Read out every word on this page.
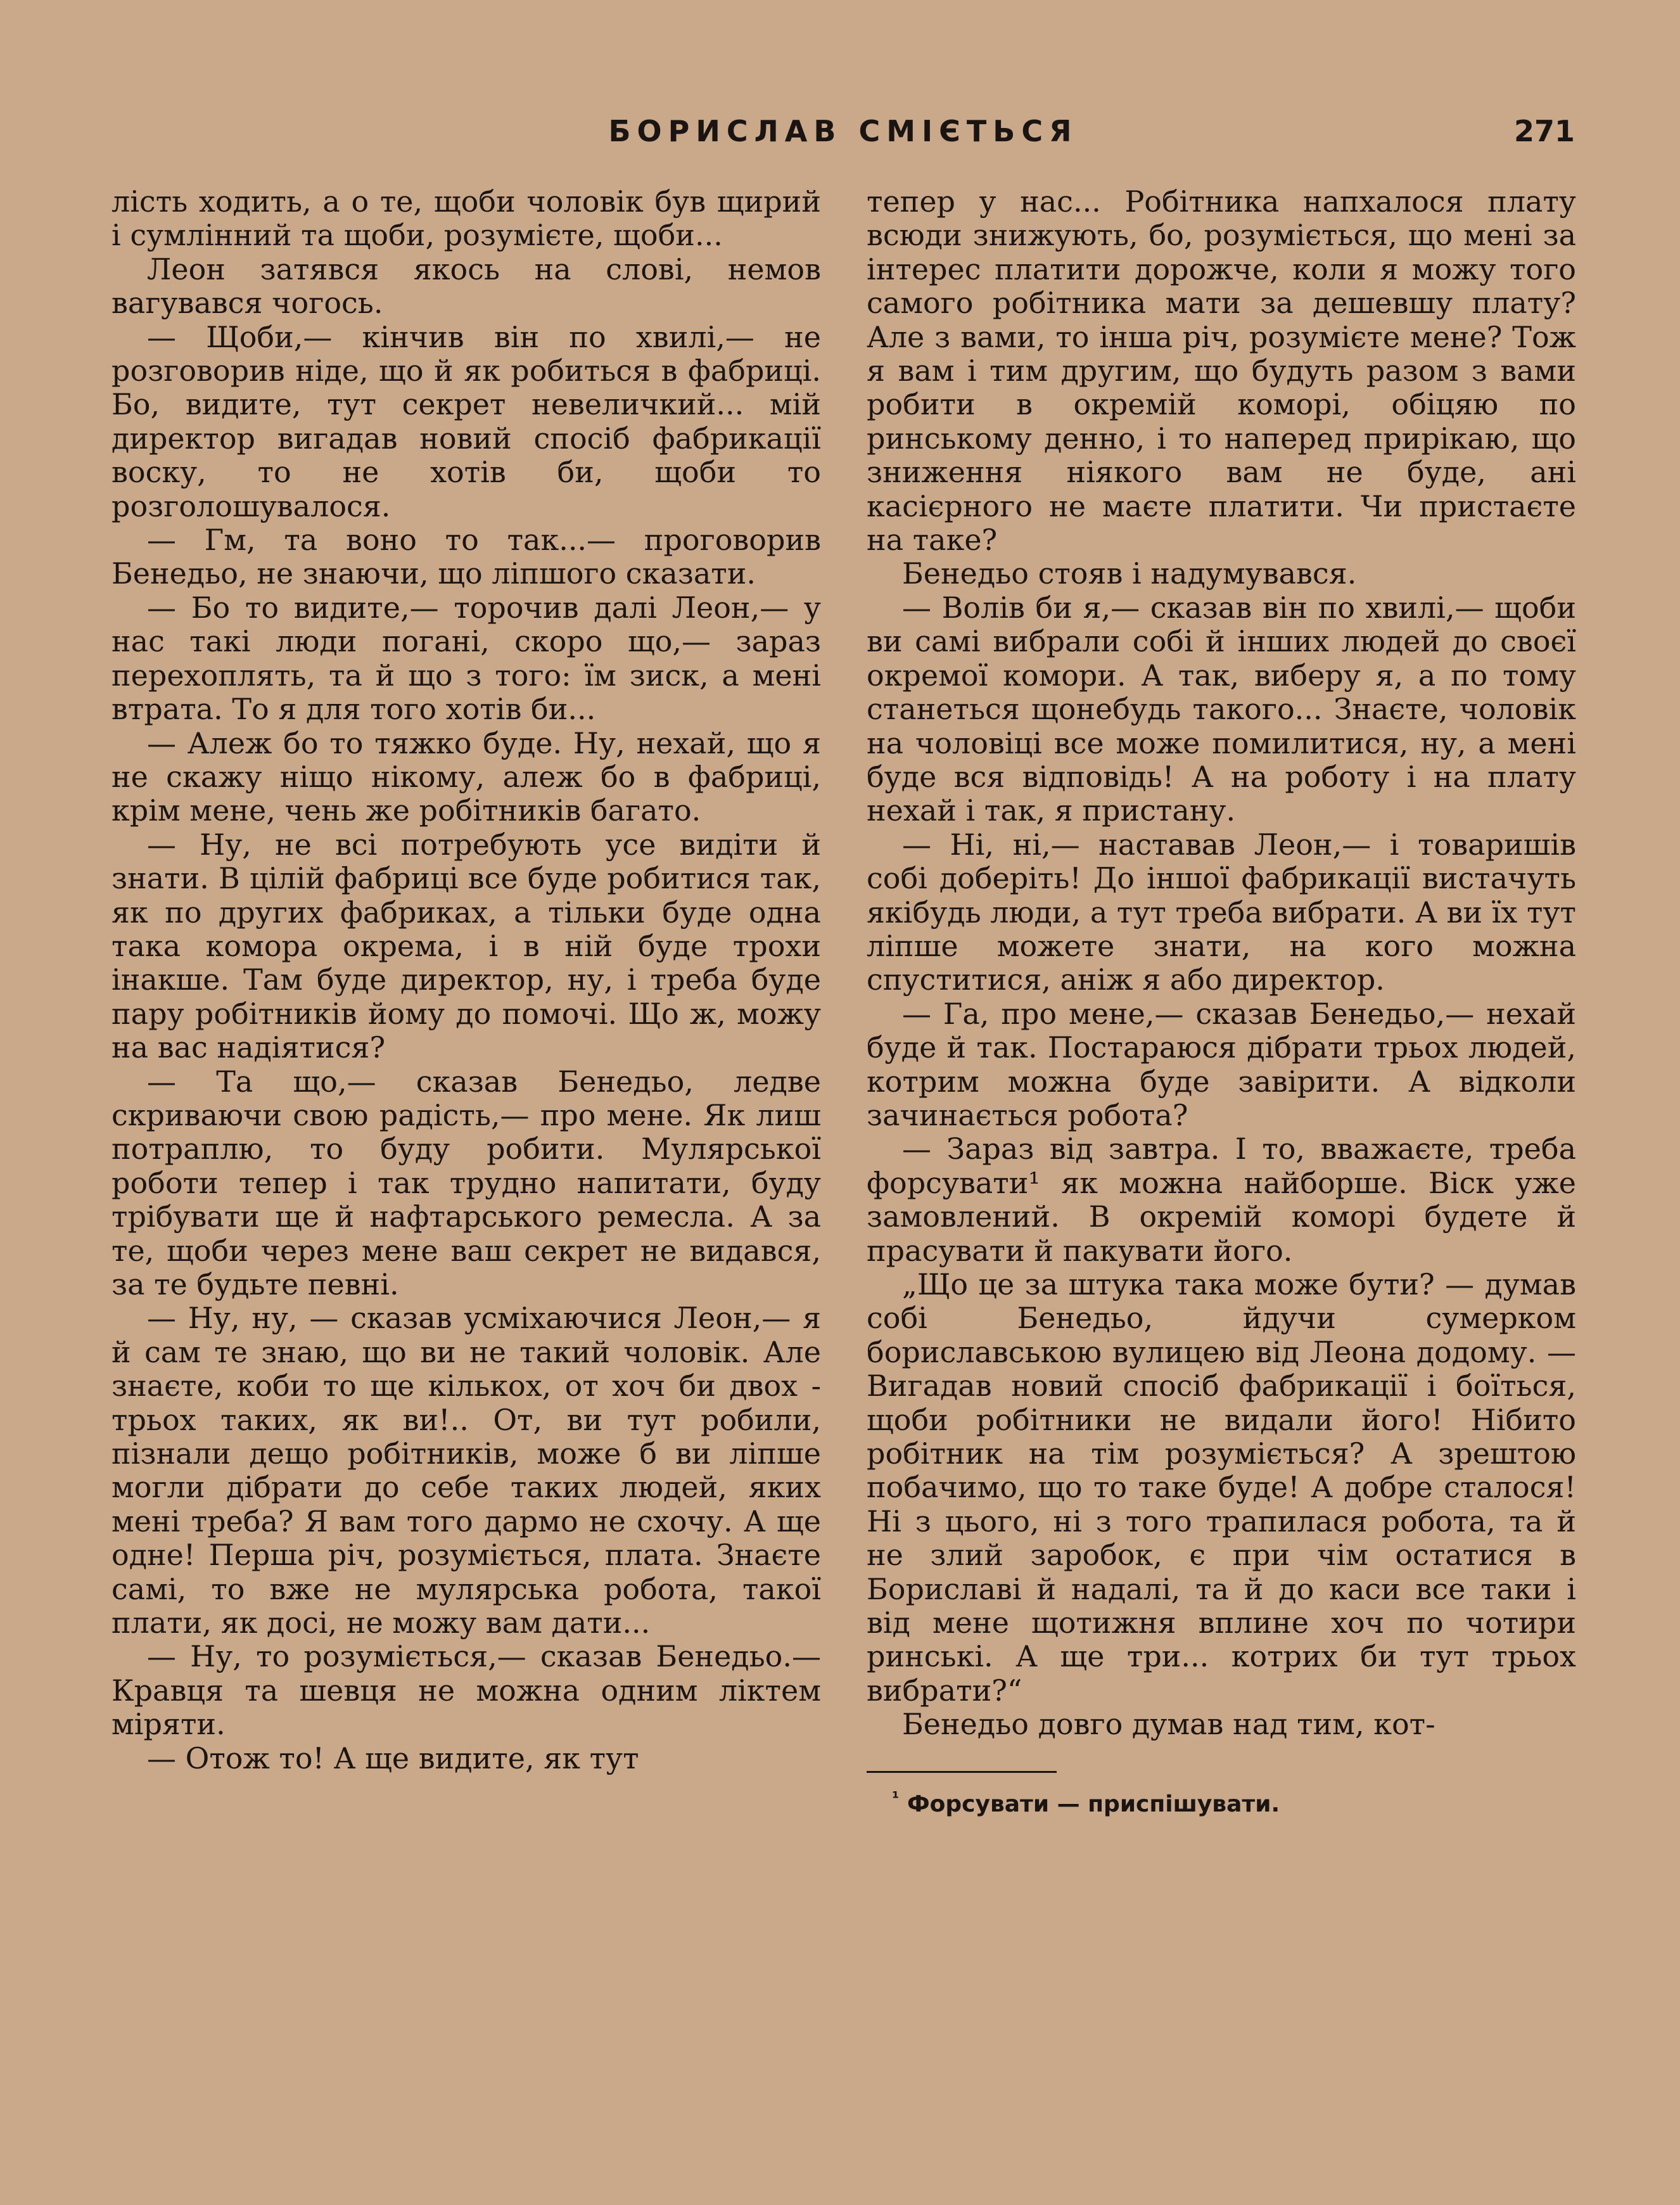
БОРИСЛАВ СМІЄТЬСЯ	271

лість ходить, а о те, щоби чоловік був щирий і сумлінний та щоби, розумієте, щоби...

Леон затявся якось на слові, немов вагувався чогось.

— Щоби,— кінчив він по хвилі,— не розговорив ніде, що й як робиться в фабриці. Бо, видите, тут секрет невеличкий... мій директор вигадав новий спосіб фабрикації воску, то не хотів би, щоби то розголошувалося.

— Гм, та воно то так...— проговорив Бенедьо, не знаючи, що ліпшого сказати.

— Бо то видите,— торочив далі Леон,— у нас такі люди погані, скоро що,— зараз перехоплять, та й що з того: їм зиск, а мені втрата. То я для того хотів би...

— Алеж бо то тяжко буде. Ну, нехай, що я не скажу ніщо нікому, алеж бо в фабриці, крім мене, чень же робітників багато.

— Ну, не всі потребують усе видіти й знати. В цілій фабриці все буде робитися так, як по других фабриках, а тільки буде одна така комора окрема, і в ній буде трохи інакше. Там буде директор, ну, і треба буде пару робітників йому до помочі. Що ж, можу на вас надіятися?

— Та що,— сказав Бенедьо, ледве скриваючи свою радість,— про мене. Як лиш потраплю, то буду робити. Мулярської роботи тепер і так трудно напитати, буду трібувати ще й нафтарського ремесла. А за те, щоби через мене ваш секрет не видався, за те будьте певні.

— Ну, ну, — сказав усміхаючися Леон,— я й сам те знаю, що ви не такий чоловік. Але знаєте, коби то ще кількох, от хоч би двох - трьох таких, як ви!.. От, ви тут робили, пізнали дещо робітників, може б ви ліпше могли дібрати до себе таких людей, яких мені треба? Я вам того дармо не схочу. А ще одне! Перша річ, розуміється, плата. Знаєте самі, то вже не мулярська робота, такої плати, як досі, не можу вам дати...

— Ну, то розуміється,— сказав Бенедьо.— Кравця та шевця не можна одним ліктем міряти.

— Отож то! А ще видите, як тут

тепер у нас... Робітника напхалося плату всюди знижують, бо, розуміється, що мені за інтерес платити дорожче, коли я можу того самого робітника мати за дешевшу плату? Але з вами, то інша річ, розумієте мене? Тож я вам і тим другим, що будуть разом з вами робити в окремій коморі, обіцяю по ринському денно, і то наперед прирікаю, що зниження ніякого вам не буде, ані касієрного не маєте платити. Чи пристаєте на таке?

Бенедьо стояв і надумувався.

— Волів би я,— сказав він по хвилі,— щоби ви самі вибрали собі й інших людей до своєї окремої комори. А так, виберу я, а по тому станеться щонебудь такого... Знаєте, чоловік на чоловіці все може помилитися, ну, а мені буде вся відповідь! А на роботу і на плату нехай і так, я пристану.

— Ні, ні,— наставав Леон,— і товаришів собі доберіть! До іншої фабрикації вистачуть якібудь люди, а тут треба вибрати. А ви їх тут ліпше можете знати, на кого можна спуститися, аніж я або директор.

— Га, про мене,— сказав Бенедьо,— нехай буде й так. Постараюся дібрати трьох людей, котрим можна буде завірити. А відколи зачинається робота?

— Зараз від завтра. І то, вважаєте, треба форсувати¹ як можна найборше. Віск уже замовлений. В окремій коморі будете й прасувати й пакувати його.

„Що це за штука така може бути? — думав собі Бенедьо, йдучи сумерком бориславською вулицею від Леона додому. — Вигадав новий спосіб фабрикації і боїться, щоби робітники не видали його! Нібито робітник на тім розуміється? А зрештою побачимо, що то таке буде! А добре сталося! Ні з цього, ні з того трапилася робота, та й не злий заробок, є при чім остатися в Бориславі й надалі, та й до каси все таки і від мене щотижня вплине хоч по чотири ринські. А ще три... котрих би тут трьох вибрати?“

Бенедьо довго думав над тим, кот-

$^{^1}$ Форсувати — приспішувати.
